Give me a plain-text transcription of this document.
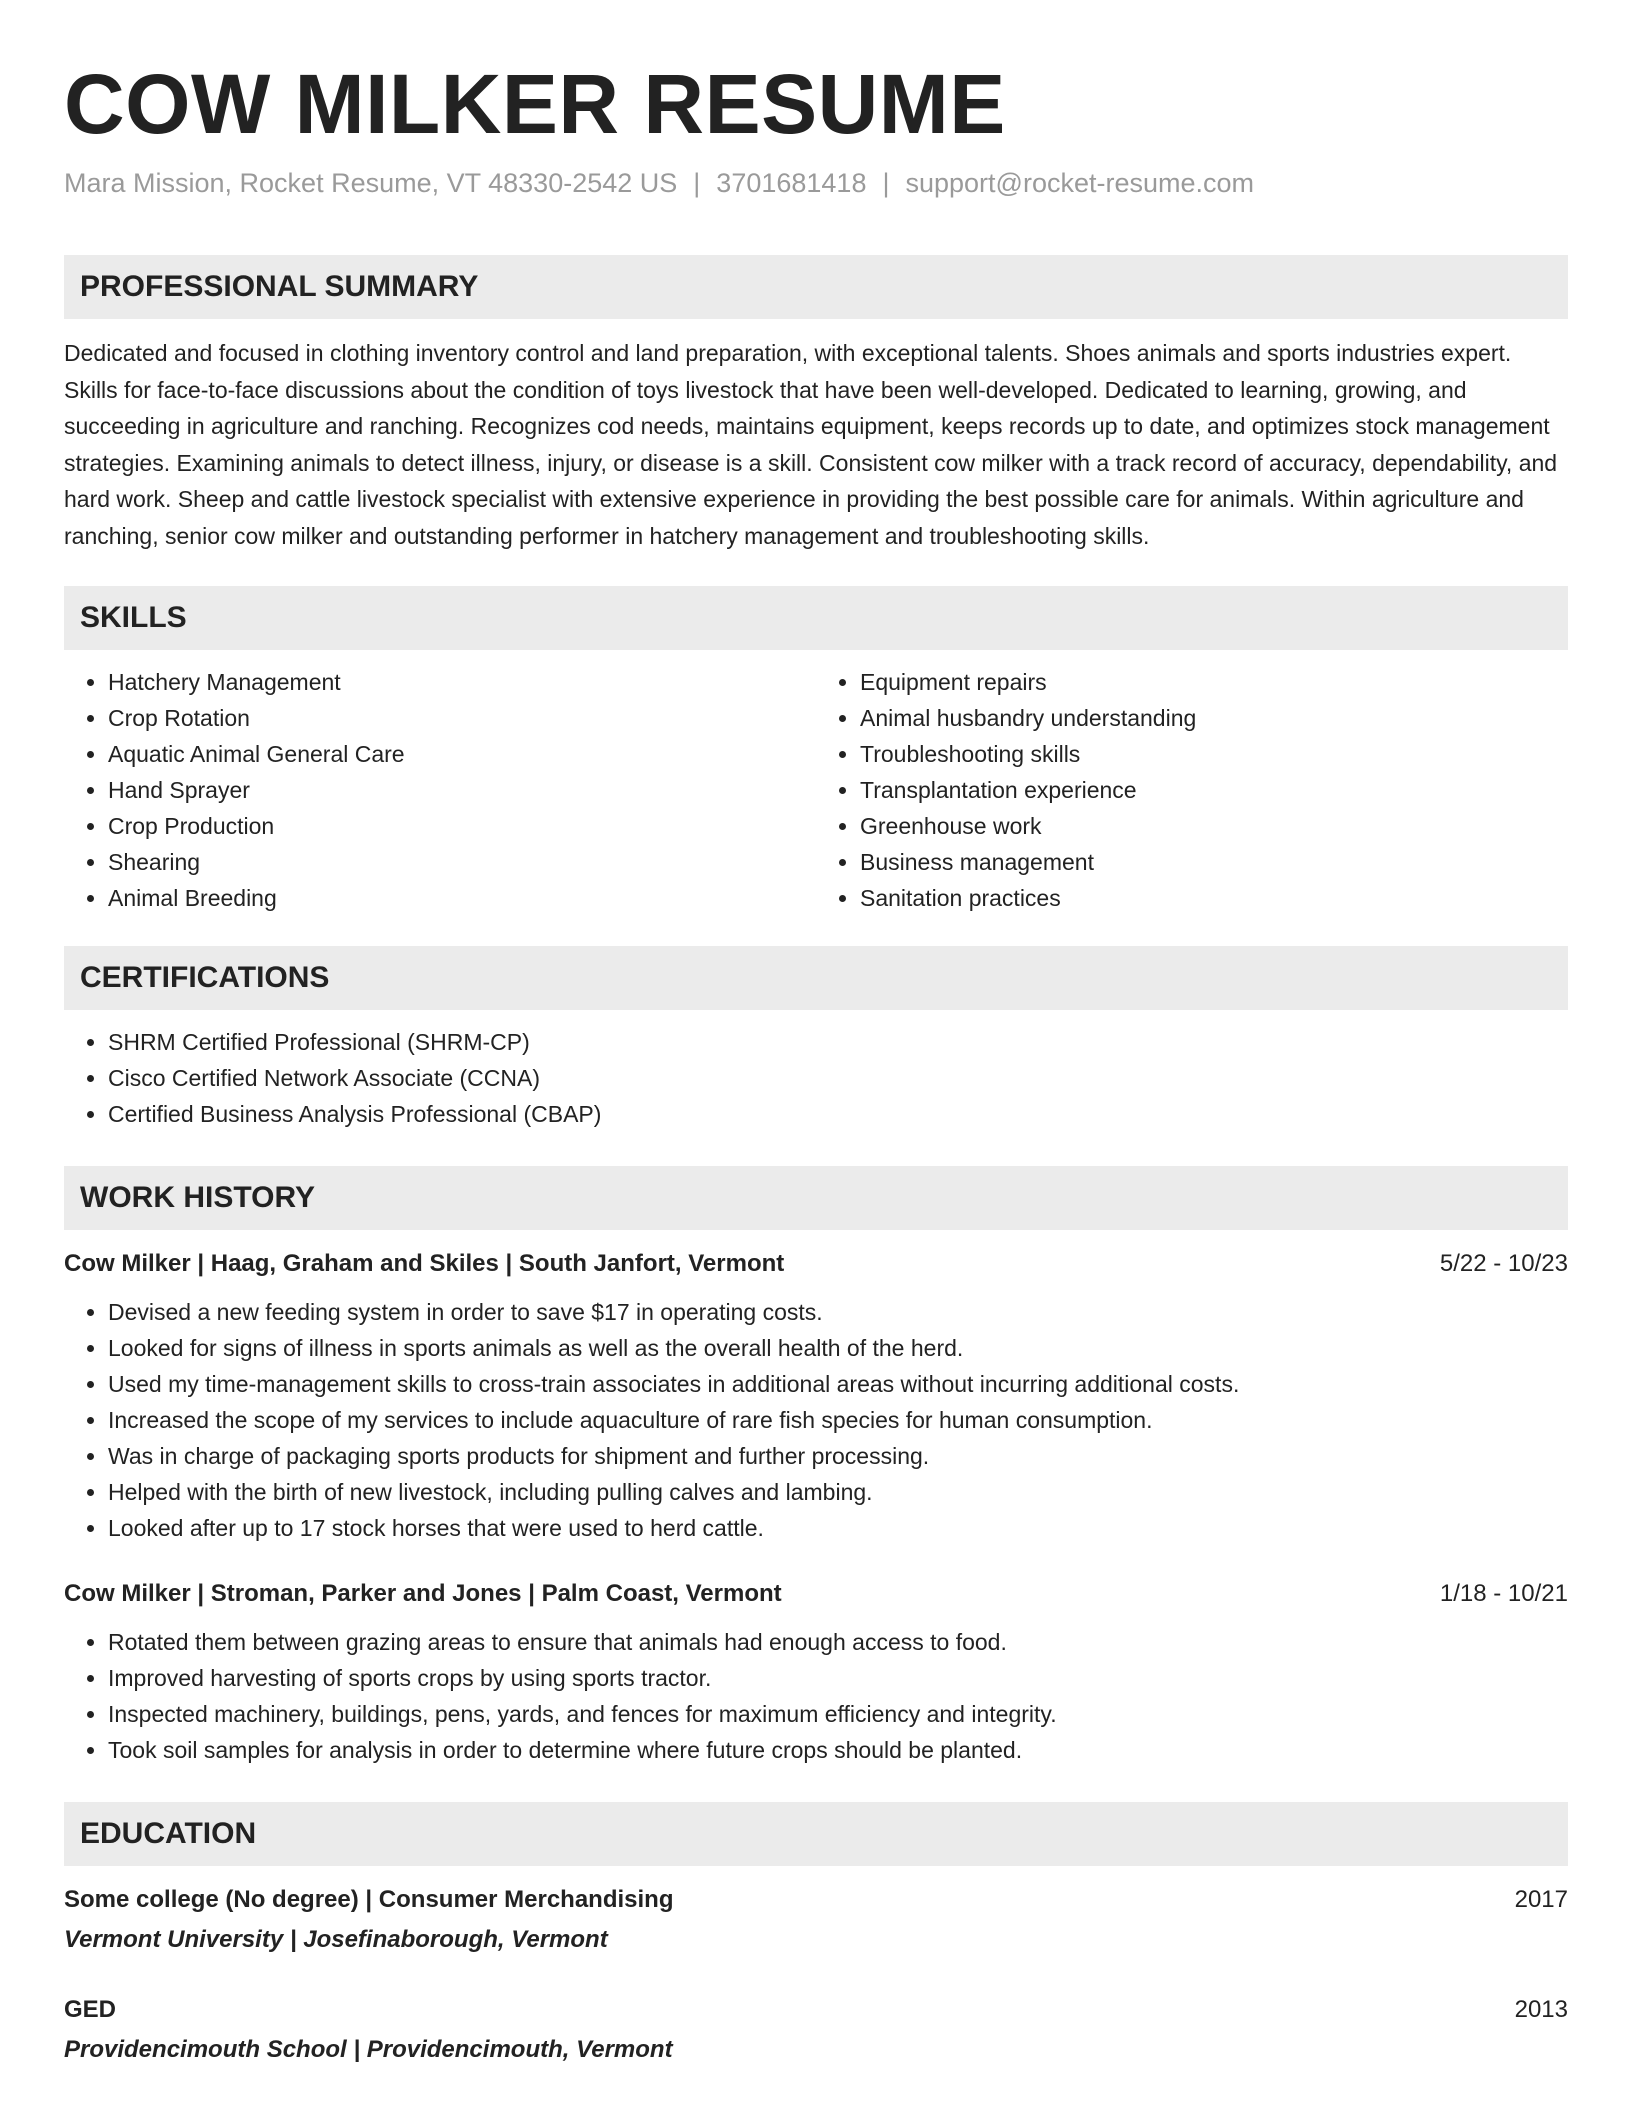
COW MILKER RESUME
Mara Mission, Rocket Resume, VT 48330-2542 US | 3701681418 | support@rocket-resume.com
PROFESSIONAL SUMMARY

Dedicated and focused in clothing inventory control and land preparation, with exceptional talents. Shoes animals and sports industries expert. Skills for face-to-face discussions about the condition of toys livestock that have been well-developed. Dedicated to learning, growing, and succeeding in agriculture and ranching. Recognizes cod needs, maintains equipment, keeps records up to date, and optimizes stock management strategies. Examining animals to detect illness, injury, or disease is a skill. Consistent cow milker with a track record of accuracy, dependability, and hard work. Sheep and cattle livestock specialist with extensive experience in providing the best possible care for animals. Within agriculture and ranching, senior cow milker and outstanding performer in hatchery management and troubleshooting skills.

SKILLS
• Hatchery Management
• Crop Rotation
• Aquatic Animal General Care
• Hand Sprayer
• Crop Production
• Shearing
• Animal Breeding
• Equipment repairs
• Animal husbandry understanding
• Troubleshooting skills
• Transplantation experience
• Greenhouse work
• Business management
• Sanitation practices
CERTIFICATIONS
• SHRM Certified Professional (SHRM-CP)
• Cisco Certified Network Associate (CCNA)
• Certified Business Analysis Professional (CBAP)
WORK HISTORY
Cow Milker | Haag, Graham and Skiles | South Janfort, Vermont	5/22 - 10/23
• Devised a new feeding system in order to save $17 in operating costs.
• Looked for signs of illness in sports animals as well as the overall health of the herd.
• Used my time-management skills to cross-train associates in additional areas without incurring additional costs.
• Increased the scope of my services to include aquaculture of rare fish species for human consumption.
• Was in charge of packaging sports products for shipment and further processing.
• Helped with the birth of new livestock, including pulling calves and lambing.
• Looked after up to 17 stock horses that were used to herd cattle.
Cow Milker | Stroman, Parker and Jones | Palm Coast, Vermont	1/18 - 10/21
• Rotated them between grazing areas to ensure that animals had enough access to food.
• Improved harvesting of sports crops by using sports tractor.
• Inspected machinery, buildings, pens, yards, and fences for maximum efficiency and integrity.
• Took soil samples for analysis in order to determine where future crops should be planted.
EDUCATION
Some college (No degree) | Consumer Merchandising	2017
Vermont University | Josefinaborough, Vermont
GED	2013
Providencimouth School | Providencimouth, Vermont
